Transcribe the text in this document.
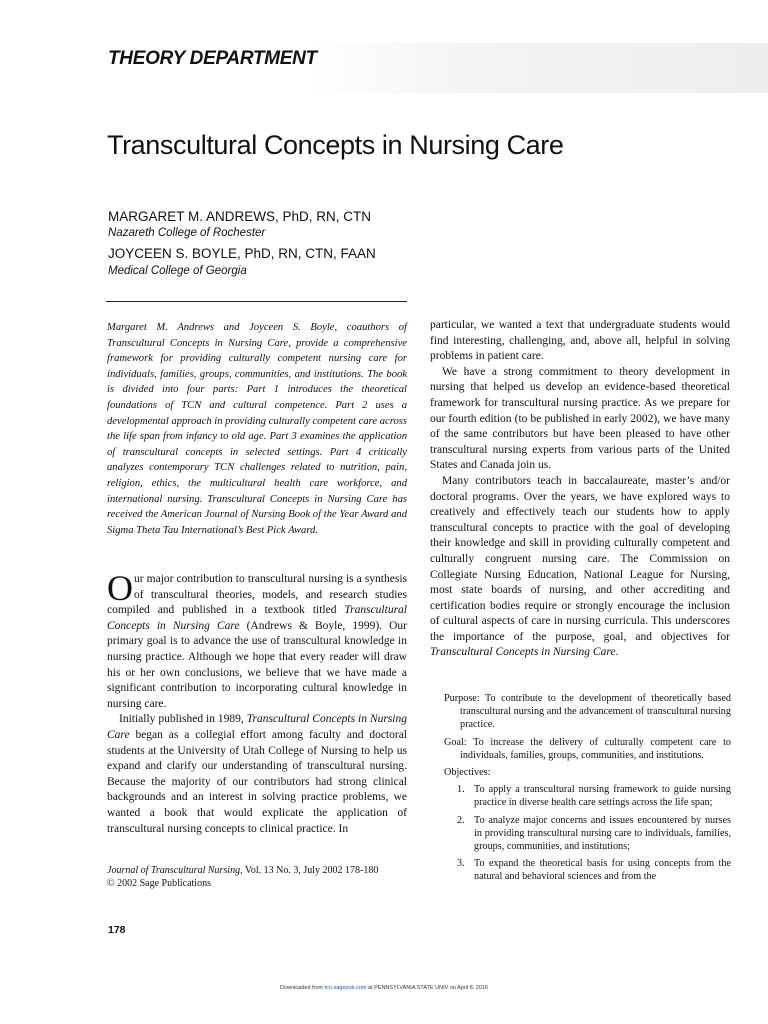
THEORY DEPARTMENT
Transcultural Concepts in Nursing Care
MARGARET M. ANDREWS, PhD, RN, CTN
Nazareth College of Rochester
JOYCEEN S. BOYLE, PhD, RN, CTN, FAAN
Medical College of Georgia

Margaret M. Andrews and Joyceen S. Boyle, coauthors of Transcultural Concepts in Nursing Care, provide a comprehensive framework for providing culturally competent nursing care for individuals, families, groups, communities, and institutions. The book is divided into four parts: Part 1 introduces the theoretical foundations of TCN and cultural competence. Part 2 uses a developmental approach in providing culturally competent care across the life span from infancy to old age. Part 3 examines the application of transcultural concepts in selected settings. Part 4 critically analyzes contemporary TCN challenges related to nutrition, pain, religion, ethics, the multicultural health care workforce, and international nursing. Transcultural Concepts in Nursing Care has received the American Journal of Nursing Book of the Year Award and Sigma Theta Tau International’s Best Pick Award.

Our major contribution to transcultural nursing is a synthesis of transcultural theories, models, and research studies compiled and published in a textbook titled Transcultural Concepts in Nursing Care (Andrews & Boyle, 1999). Our primary goal is to advance the use of transcultural knowledge in nursing practice. Although we hope that every reader will draw his or her own conclusions, we believe that we have made a significant contribution to incorporating cultural knowledge in nursing care.

Initially published in 1989, Transcultural Concepts in Nursing Care began as a collegial effort among faculty and doctoral students at the University of Utah College of Nursing to help us expand and clarify our understanding of transcultural nursing. Because the majority of our contributors had strong clinical backgrounds and an interest in solving practice problems, we wanted a book that would explicate the application of transcultural nursing concepts to clinical practice. In

Journal of Transcultural Nursing, Vol. 13 No. 3, July 2002 178-180

© 2002 Sage Publications

particular, we wanted a text that undergraduate students would find interesting, challenging, and, above all, helpful in solving problems in patient care.

We have a strong commitment to theory development in nursing that helped us develop an evidence-based theoretical framework for transcultural nursing practice. As we prepare for our fourth edition (to be published in early 2002), we have many of the same contributors but have been pleased to have other transcultural nursing experts from various parts of the United States and Canada join us.

Many contributors teach in baccalaureate, master’s and/or doctoral programs. Over the years, we have explored ways to creatively and effectively teach our students how to apply transcultural concepts to practice with the goal of developing their knowledge and skill in providing culturally competent and culturally congruent nursing care. The Commission on Collegiate Nursing Education, National League for Nursing, most state boards of nursing, and other accrediting and certification bodies require or strongly encourage the inclusion of cultural aspects of care in nursing curricula. This underscores the importance of the purpose, goal, and objectives for Transcultural Concepts in Nursing Care.

Purpose: To contribute to the development of theoretically based transcultural nursing and the advancement of transcultural nursing practice.

Goal: To increase the delivery of culturally competent care to individuals, families, groups, communities, and institutions.

Objectives:

1. To apply a transcultural nursing framework to guide nursing practice in diverse health care settings across the life span;
2. To analyze major concerns and issues encountered by nurses in providing transcultural nursing care to individuals, families, groups, communities, and institutions;
3. To expand the theoretical basis for using concepts from the natural and behavioral sciences and from the
178
Downloaded from tcn.sagepub.com at PENNSYLVANIA STATE UNIV on April 8, 2016
